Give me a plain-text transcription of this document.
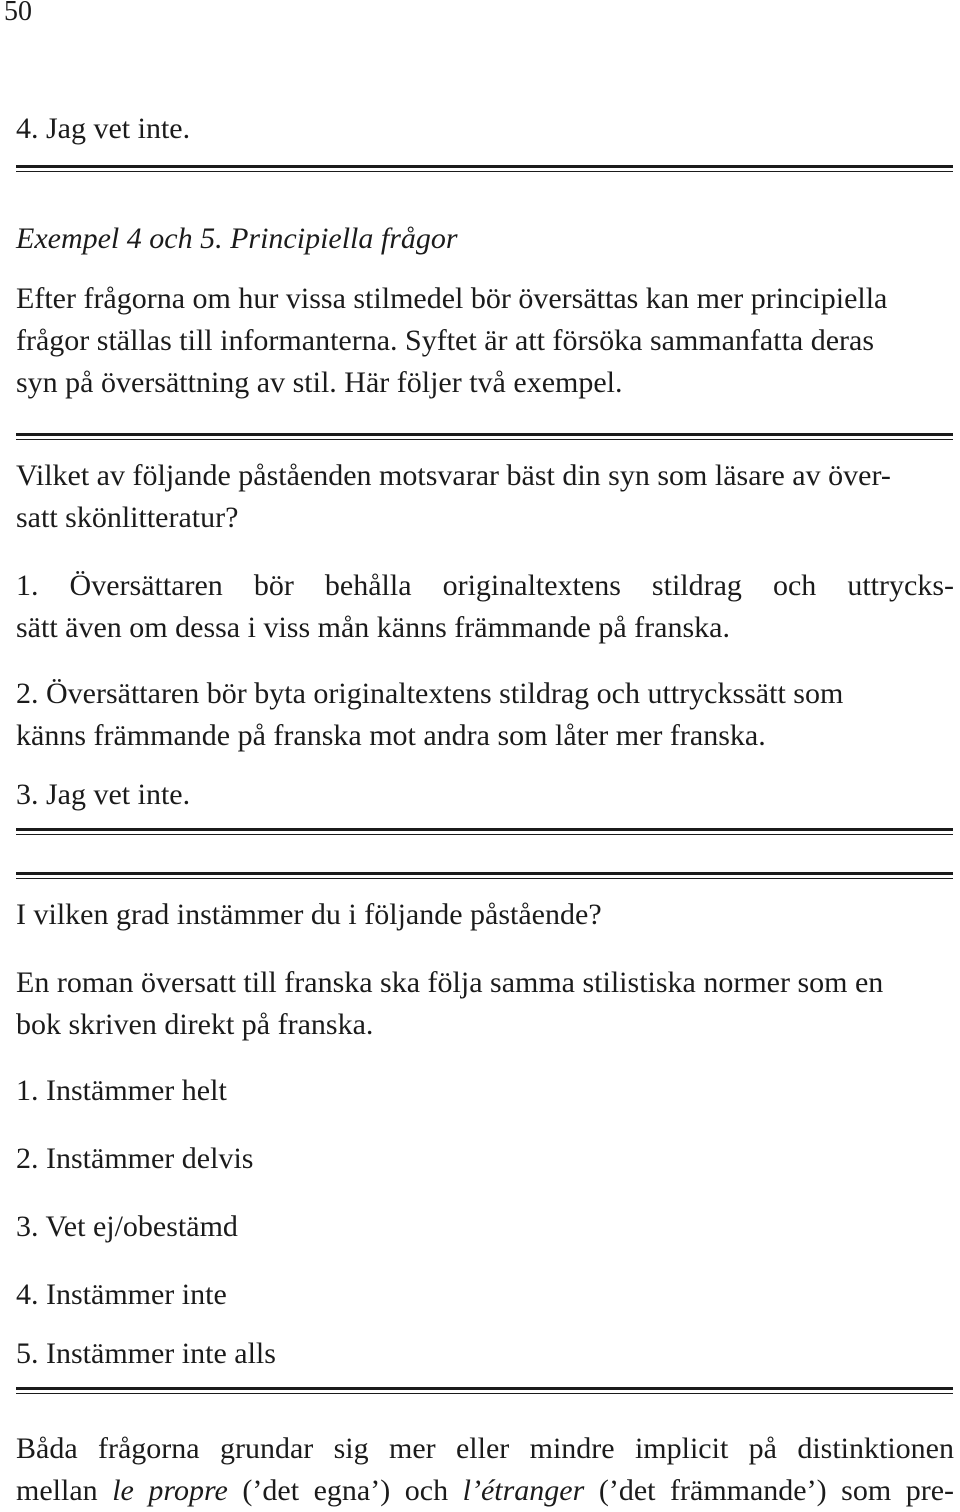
50

4. Jag vet inte.

Exempel 4 och 5. Principiella frågor

Efter frågorna om hur vissa stilmedel bör översättas kan mer principiella

frågor ställas till informanterna. Syftet är att försöka sammanfatta deras

syn på översättning av stil. Här följer två exempel.

Vilket av följande påståenden motsvarar bäst din syn som läsare av över-

satt skönlitteratur?

1. Översättaren bör behålla originaltextens stildrag och uttrycks-

sätt även om dessa i viss mån känns främmande på franska.

2. Översättaren bör byta originaltextens stildrag och uttryckssätt som

känns främmande på franska mot andra som låter mer franska.

3. Jag vet inte.

I vilken grad instämmer du i följande påstående?

En roman översatt till franska ska följa samma stilistiska normer som en

bok skriven direkt på franska.

1. Instämmer helt

2. Instämmer delvis

3. Vet ej/obestämd

4. Instämmer inte

5. Instämmer inte alls

Båda frågorna grundar sig mer eller mindre implicit på distinktionen

mellan le propre (’det egna’) och l’étranger (’det främmande’) som pre-
